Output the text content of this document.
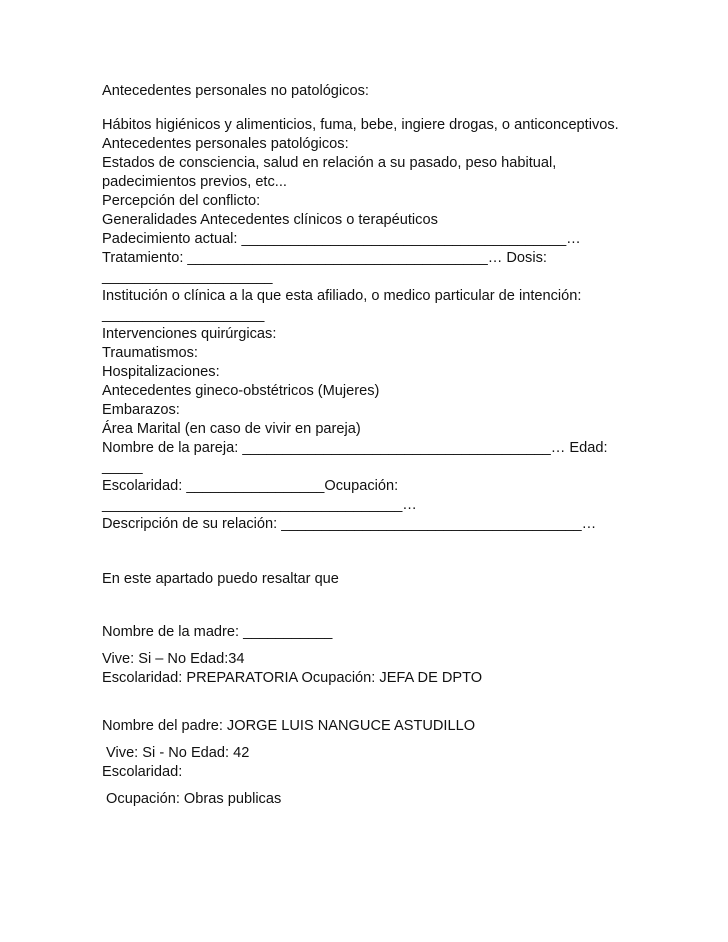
Antecedentes personales no patológicos:
Hábitos higiénicos y alimenticios, fuma, bebe, ingiere drogas, o anticonceptivos.
Antecedentes personales patológicos:
Estados de consciencia, salud en relación a su pasado, peso habitual,
padecimientos previos, etc...
Percepción del conflicto:
Generalidades Antecedentes clínicos o terapéuticos
Padecimiento actual: ________________________________________…
Tratamiento: _____________________________________… Dosis:
_____________________
Institución o clínica a la que esta afiliado, o medico particular de intención:
____________________
Intervenciones quirúrgicas:
Traumatismos:
Hospitalizaciones:
Antecedentes gineco-obstétricos (Mujeres)
Embarazos:
Área Marital (en caso de vivir en pareja)
Nombre de la pareja: ______________________________________… Edad:
_____
Escolaridad: _________________Ocupación:
_____________________________________…
Descripción de su relación: _____________________________________…
En este apartado puedo resaltar que
Nombre de la madre: ___________
Vive: Si – No Edad:34
Escolaridad: PREPARATORIA Ocupación: JEFA DE DPTO
Nombre del padre: JORGE LUIS NANGUCE ASTUDILLO
Vive: Si - No Edad: 42
Escolaridad:
Ocupación: Obras publicas
